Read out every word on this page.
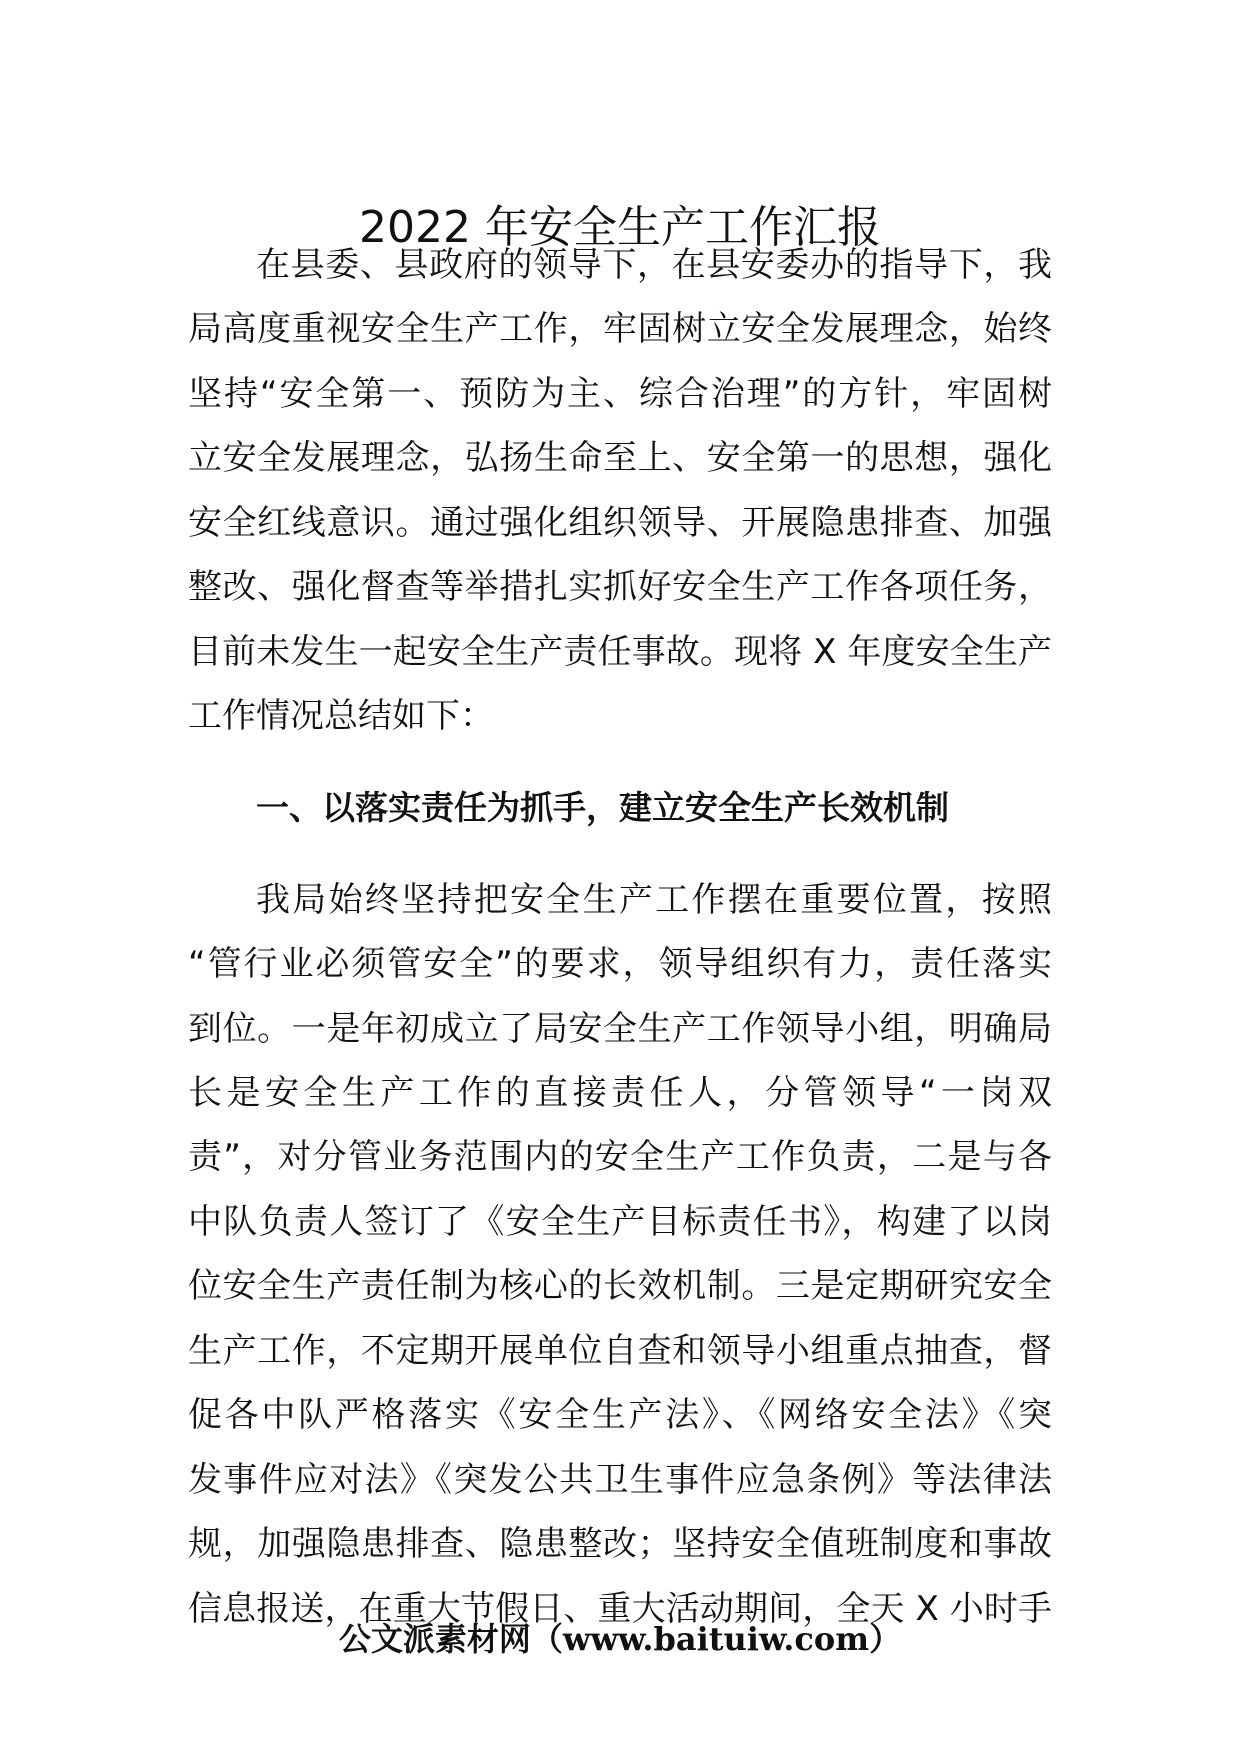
2022 年安全生产工作汇报
在县委、县政府的领导下，在县安委办的指导下，我
局高度重视安全生产工作，牢固树立安全发展理念，始终
坚持“安全第一、预防为主、综合治理”的方针，牢固树
立安全发展理念，弘扬生命至上、安全第一的思想，强化
安全红线意识。通过强化组织领导、开展隐患排查、加强
整改、强化督查等举措扎实抓好安全生产工作各项任务，
目前未发生一起安全生产责任事故。现将 X 年度安全生产
工作情况总结如下：
一、以落实责任为抓手，建立安全生产长效机制
我局始终坚持把安全生产工作摆在重要位置，按照
“管行业必须管安全”的要求，领导组织有力，责任落实
到位。一是年初成立了局安全生产工作领导小组，明确局
长是安全生产工作的直接责任人，分管领导“一岗双
责”，对分管业务范围内的安全生产工作负责，二是与各
中队负责人签订了《安全生产目标责任书》，构建了以岗
位安全生产责任制为核心的长效机制。三是定期研究安全
生产工作，不定期开展单位自查和领导小组重点抽查，督
促各中队严格落实《安全生产法》、《网络安全法》《突
发事件应对法》《突发公共卫生事件应急条例》等法律法
规，加强隐患排查、隐患整改；坚持安全值班制度和事故
信息报送，在重大节假日、重大活动期间，全天 X 小时手
公文派素材网（www.baituiw.com）
